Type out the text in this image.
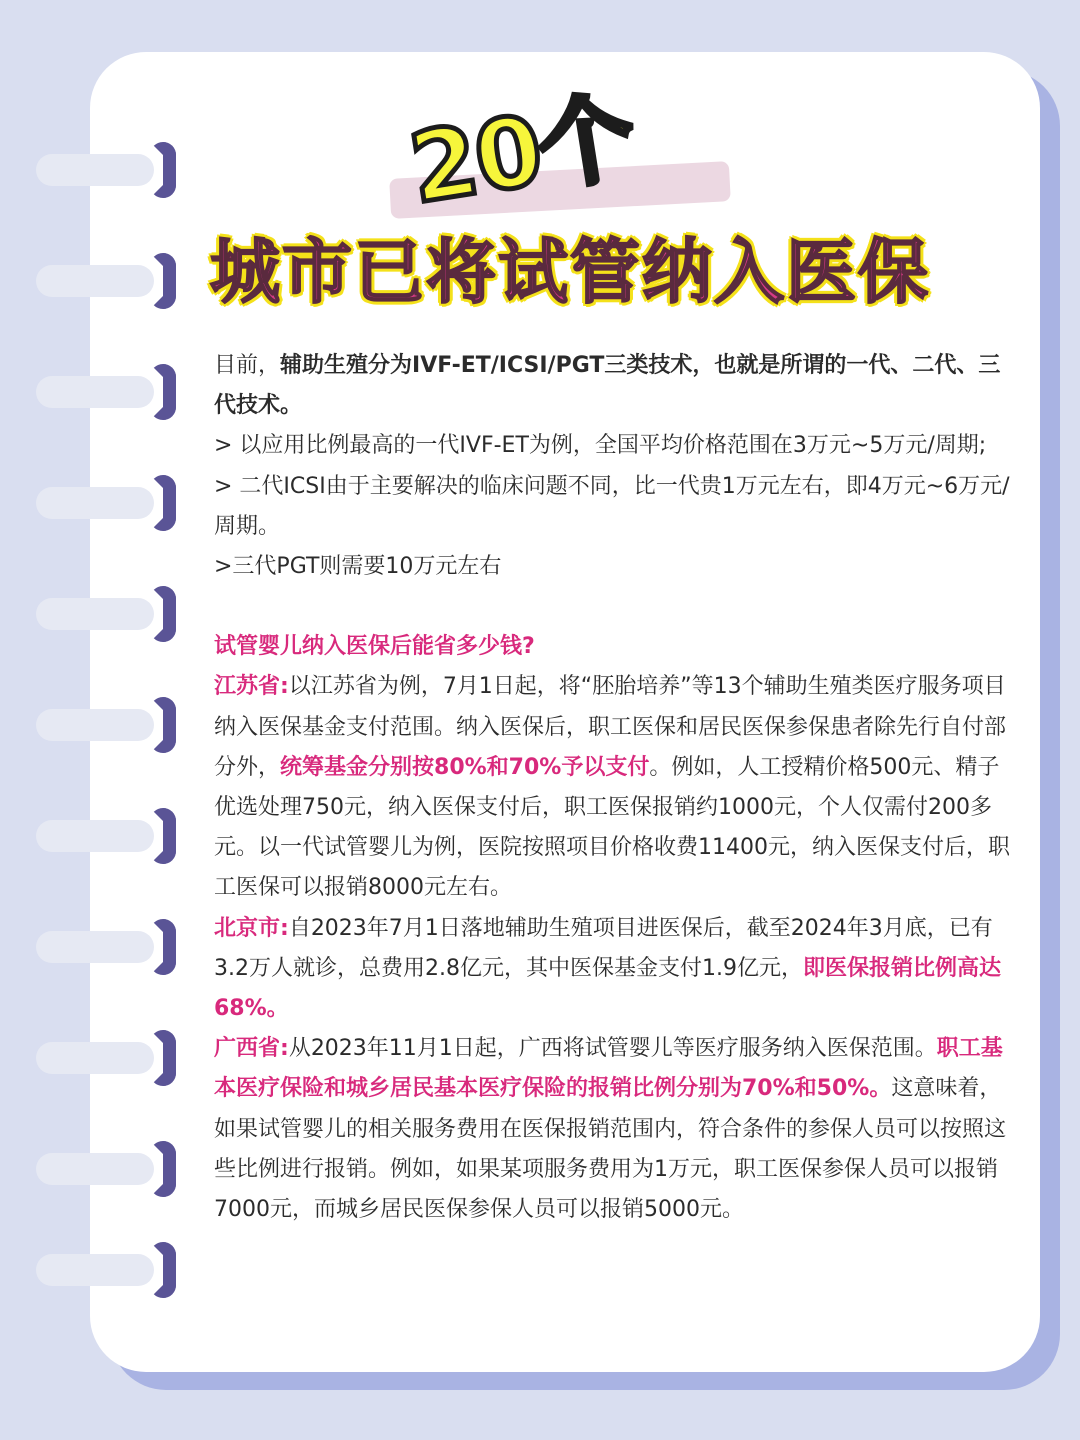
20个
城市已将试管纳入医保

目前，辅助生殖分为IVF-ET/ICSI/PGT三类技术，也就是所谓的一代、二代、三代技术。

> 以应用比例最高的一代IVF-ET为例，全国平均价格范围在3万元~5万元/周期;

> 二代ICSI由于主要解决的临床问题不同，比一代贵1万元左右，即4万元~6万元/周期。

>三代PGT则需要10万元左右

试管婴儿纳入医保后能省多少钱?

江苏省:以江苏省为例，7月1日起，将“胚胎培养”等13个辅助生殖类医疗服务项目纳入医保基金支付范围。纳入医保后，职工医保和居民医保参保患者除先行自付部分外，统筹基金分别按80%和70%予以支付。例如，人工授精价格500元、精子优选处理750元，纳入医保支付后，职工医保报销约1000元，个人仅需付200多元。以一代试管婴儿为例，医院按照项目价格收费11400元，纳入医保支付后，职工医保可以报销8000元左右。

北京市:自2023年7月1日落地辅助生殖项目进医保后，截至2024年3月底，已有3.2万人就诊，总费用2.8亿元，其中医保基金支付1.9亿元，即医保报销比例高达68%。

广西省:从2023年11月1日起，广西将试管婴儿等医疗服务纳入医保范围。职工基本医疗保险和城乡居民基本医疗保险的报销比例分别为70%和50%。这意味着，如果试管婴儿的相关服务费用在医保报销范围内，符合条件的参保人员可以按照这些比例进行报销。例如，如果某项服务费用为1万元，职工医保参保人员可以报销7000元，而城乡居民医保参保人员可以报销5000元。
